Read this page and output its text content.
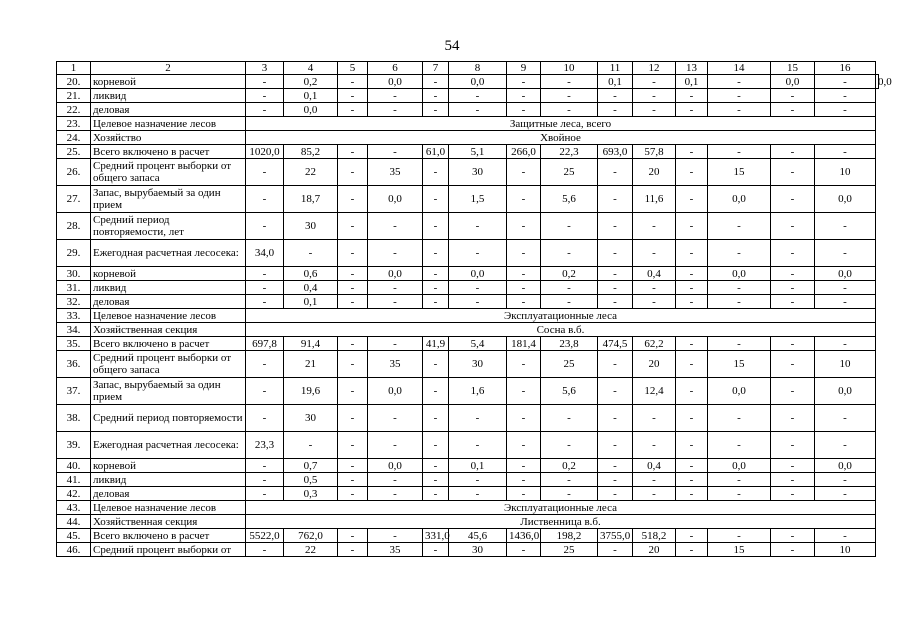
54
1	2	3	4	5	6	7	8	9	10	11	12	13	14	15	16	
20.	корневой	-	0,2	-	0,0	-	0,0	-	-	0,1	-	0,1	-	0,0	-	0,0
21.	ликвид	-	0,1	-	-	-	-	-	-	-	-	-	-	-	-	
22.	деловая	-	0,0	-	-	-	-	-	-	-	-	-	-	-	-	
23.	Целевое назначение лесов	Защитные леса, всего														
24.	Хозяйство	Хвойное														
25.	Всего включено в расчет	1020,0	85,2	-	-	61,0	5,1	266,0	22,3	693,0	57,8	-	-	-	-	
26.	Средний процент выборки от общего запаса	-	22	-	35	-	30	-	25	-	20	-	15	-	10	
27.	Запас, вырубаемый за один прием	-	18,7	-	0,0	-	1,5	-	5,6	-	11,6	-	0,0	-	0,0	
28.	Средний период повторяемости, лет	-	30	-	-	-	-	-	-	-	-	-	-	-	-	
29.	Ежегодная расчетная лесосека:	34,0	-	-	-	-	-	-	-	-	-	-	-	-	-	
30.	корневой	-	0,6	-	0,0	-	0,0	-	0,2	-	0,4	-	0,0	-	0,0	
31.	ликвид	-	0,4	-	-	-	-	-	-	-	-	-	-	-	-	
32.	деловая	-	0,1	-	-	-	-	-	-	-	-	-	-	-	-	
33.	Целевое назначение лесов	Эксплуатационные леса														
34.	Хозяйственная секция	Сосна в.б.														
35.	Всего включено в расчет	697,8	91,4	-	-	41,9	5,4	181,4	23,8	474,5	62,2	-	-	-	-	
36.	Средний процент выборки от общего запаса	-	21	-	35	-	30	-	25	-	20	-	15	-	10	
37.	Запас, вырубаемый за один прием	-	19,6	-	0,0	-	1,6	-	5,6	-	12,4	-	0,0	-	0,0	
38.	Средний период повторяемости	-	30	-	-	-	-	-	-	-	-	-	-	-	-	
39.	Ежегодная расчетная лесосека:	23,3	-	-	-	-	-	-	-	-	-	-	-	-	-	
40.	корневой	-	0,7	-	0,0	-	0,1	-	0,2	-	0,4	-	0,0	-	0,0	
41.	ликвид	-	0,5	-	-	-	-	-	-	-	-	-	-	-	-	
42.	деловая	-	0,3	-	-	-	-	-	-	-	-	-	-	-	-	
43.	Целевое назначение лесов	Эксплуатационные леса														
44.	Хозяйственная секция	Лиственница в.б.														
45.	Всего включено в расчет	5522,0	762,0	-	-	331,0	45,6	1436,0	198,2	3755,0	518,2	-	-	-	-	
46.	Средний процент выборки от	-	22	-	35	-	30	-	25	-	20	-	15	-	10	
